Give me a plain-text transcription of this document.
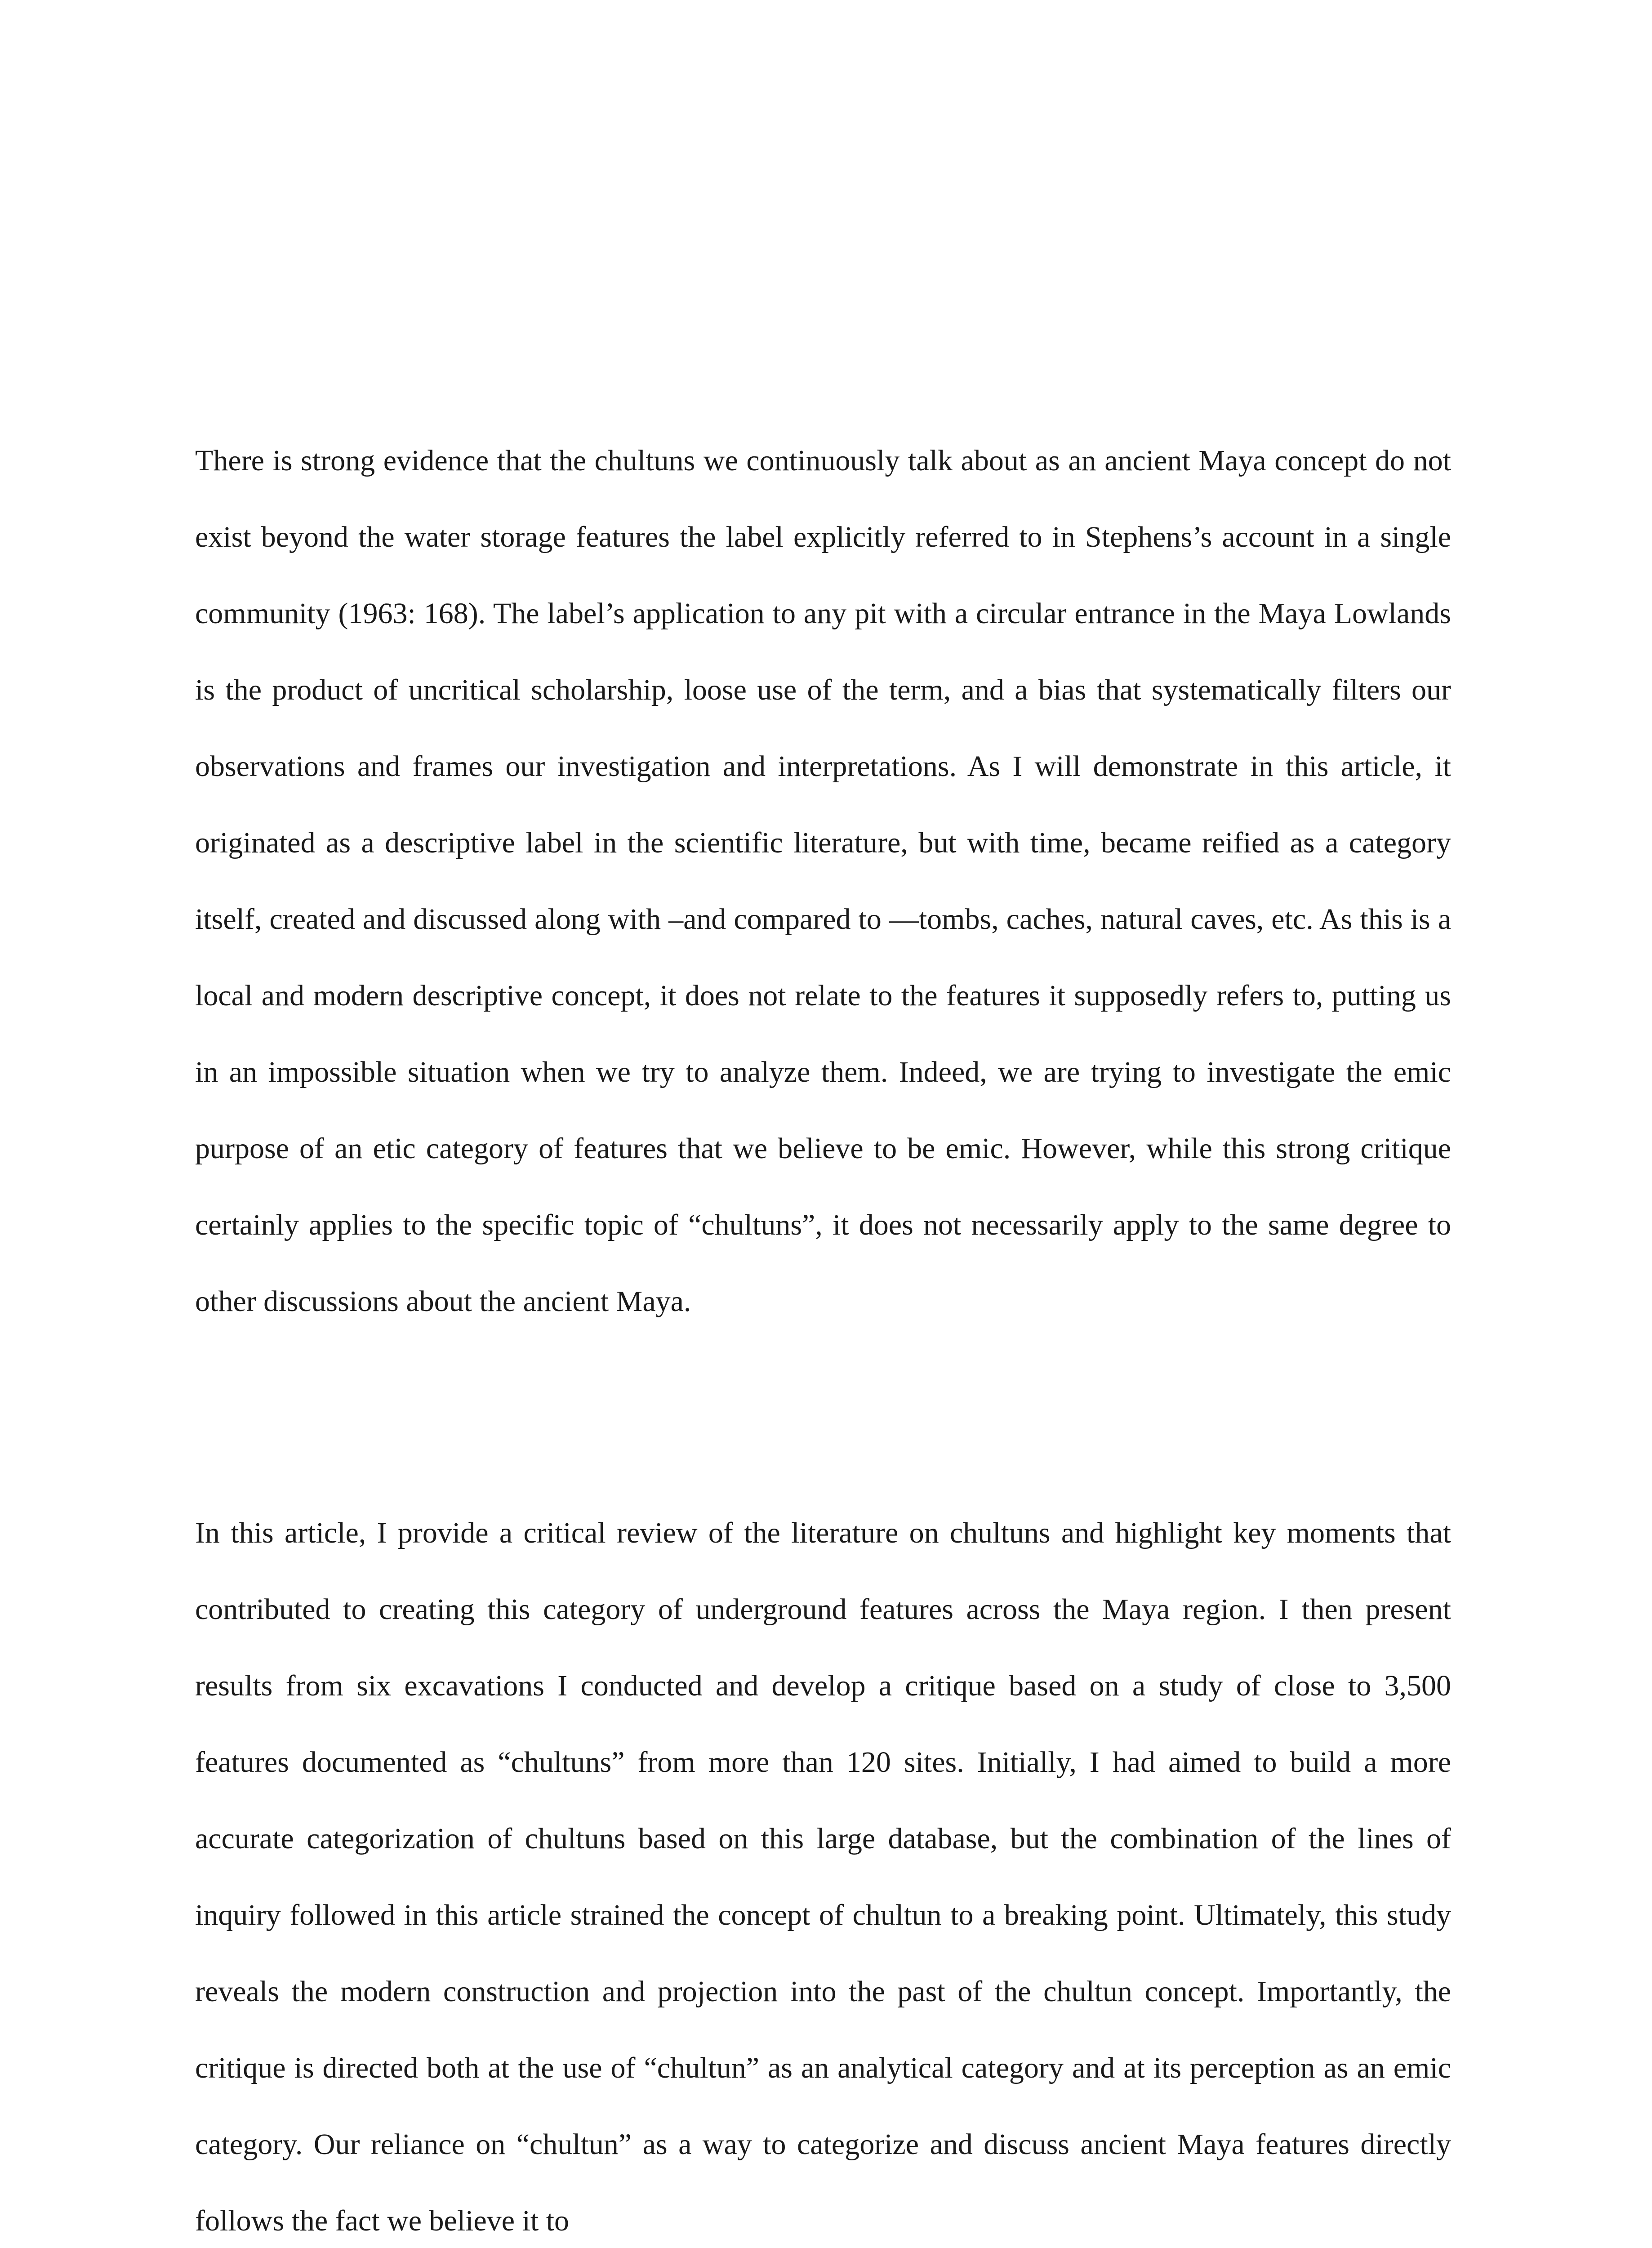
There is strong evidence that the chultuns we continuously talk about as an ancient Maya concept do not exist beyond the water storage features the label explicitly referred to in Stephens’s account in a single community (1963: 168). The label’s application to any pit with a circular entrance in the Maya Lowlands is the product of uncritical scholarship, loose use of the term, and a bias that systematically filters our observations and frames our investigation and interpretations. As I will demonstrate in this article, it originated as a descriptive label in the scientific literature, but with time, became reified as a category itself, created and discussed along with –and compared to —tombs, caches, natural caves, etc. As this is a local and modern descriptive concept, it does not relate to the features it supposedly refers to, putting us in an impossible situation when we try to analyze them. Indeed, we are trying to investigate the emic purpose of an etic category of features that we believe to be emic. However, while this strong critique certainly applies to the specific topic of “chultuns”, it does not necessarily apply to the same degree to other discussions about the ancient Maya.

In this article, I provide a critical review of the literature on chultuns and highlight key moments that contributed to creating this category of underground features across the Maya region. I then present results from six excavations I conducted and develop a critique based on a study of close to 3,500 features documented as “chultuns” from more than 120 sites. Initially, I had aimed to build a more accurate categorization of chultuns based on this large database, but the combination of the lines of inquiry followed in this article strained the concept of chultun to a breaking point. Ultimately, this study reveals the modern construction and projection into the past of the chultun concept. Importantly, the critique is directed both at the use of “chultun” as an analytical category and at its perception as an emic category. Our reliance on “chultun” as a way to categorize and discuss ancient Maya features directly follows the fact we believe it to
